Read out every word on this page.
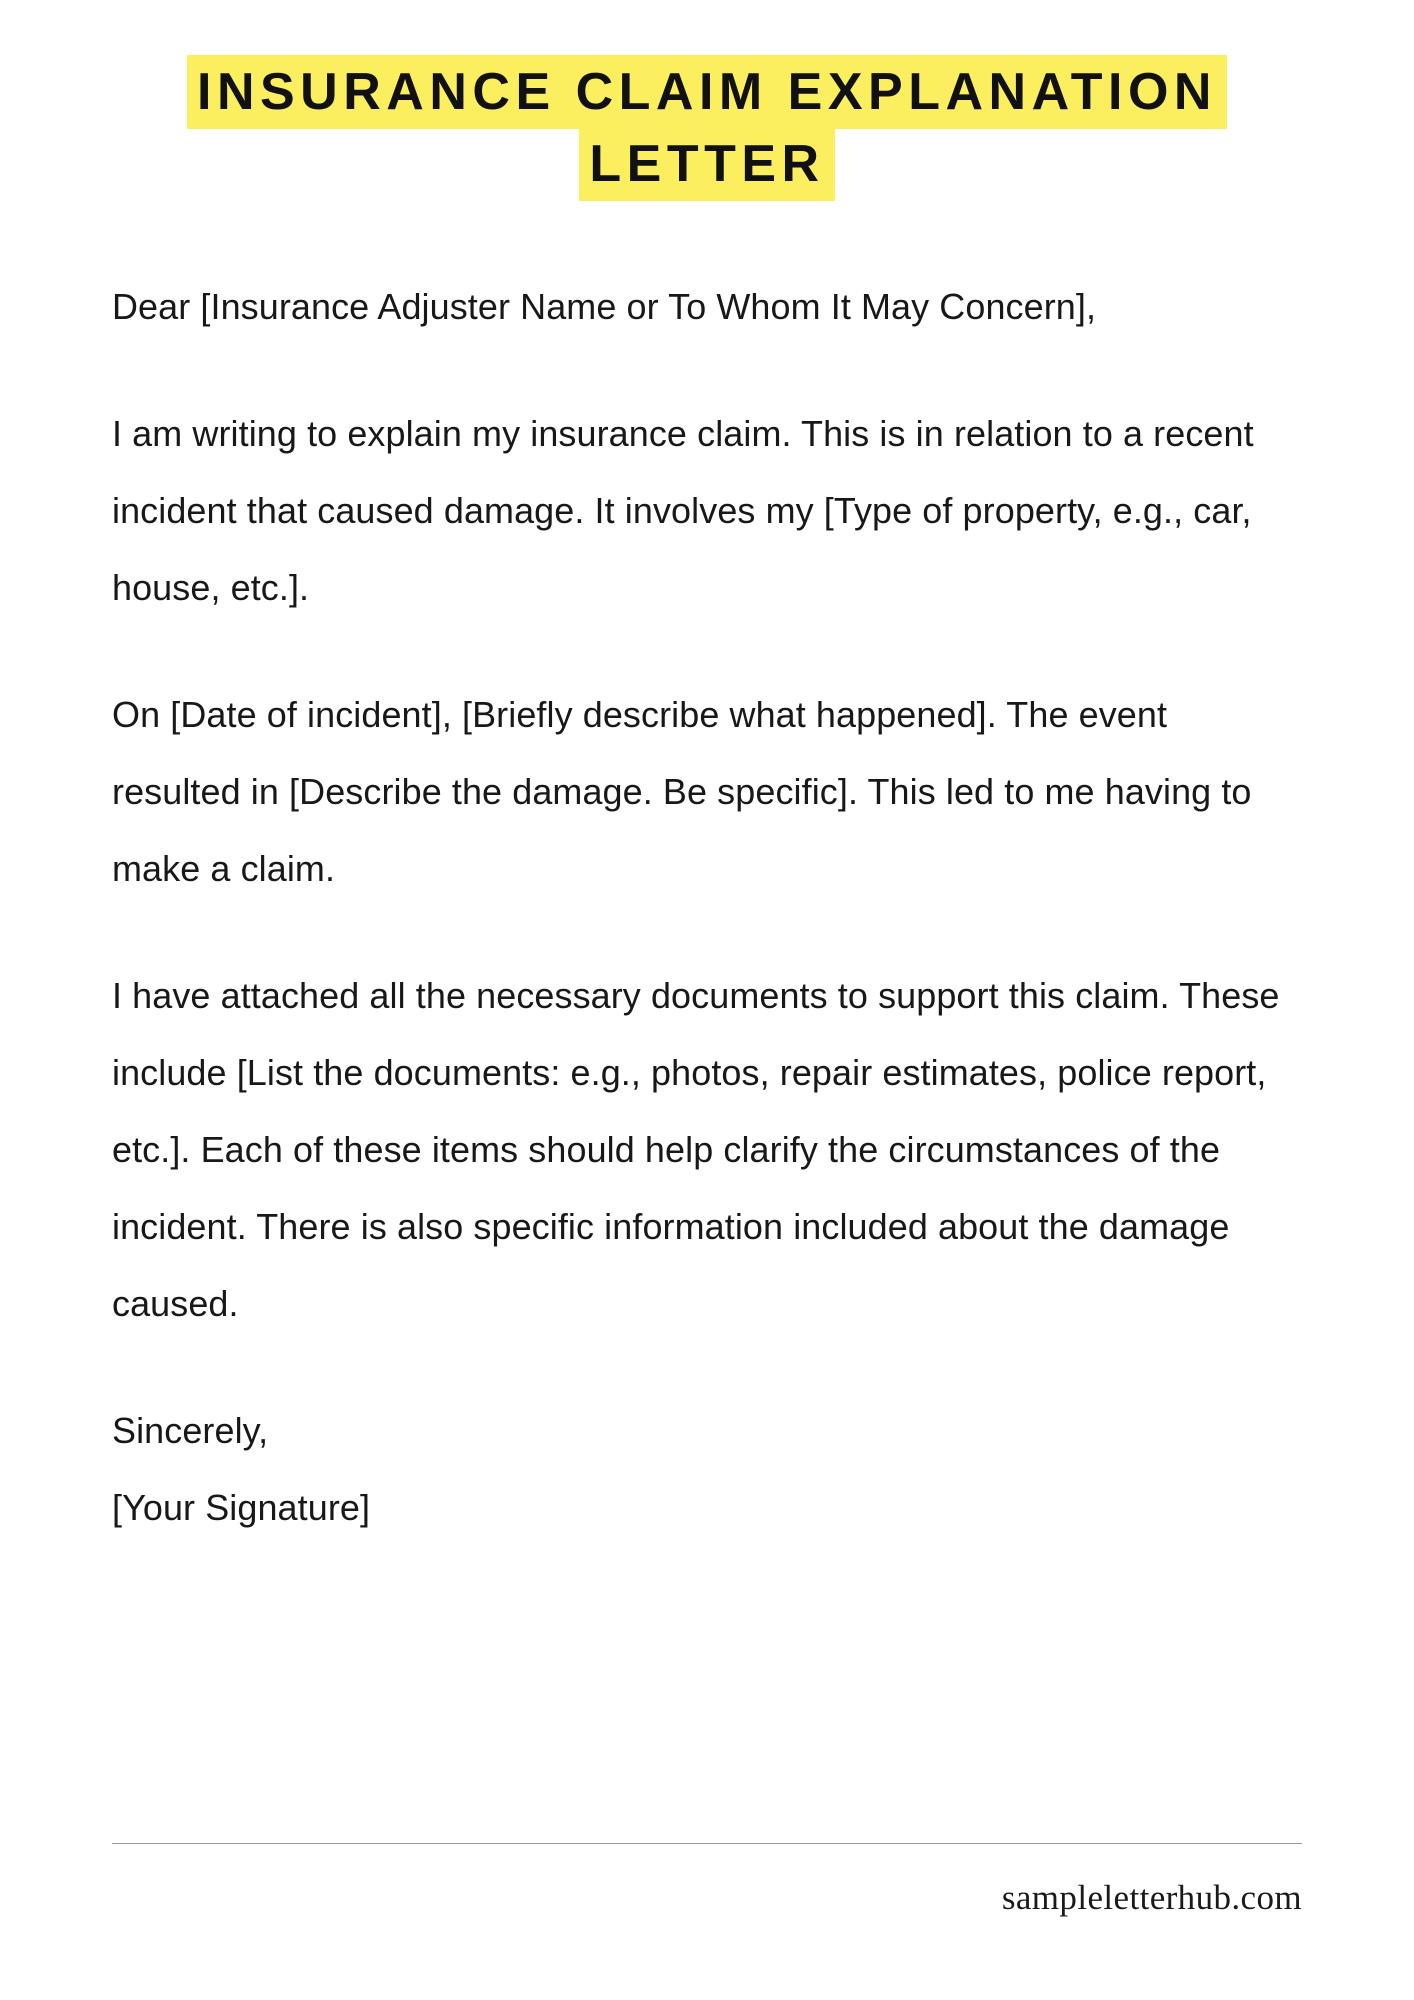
INSURANCE CLAIM EXPLANATION
LETTER

Dear [Insurance Adjuster Name or To Whom It May Concern],

I am writing to explain my insurance claim. This is in relation to a recent incident that caused damage. It involves my [Type of property, e.g., car, house, etc.].

On [Date of incident], [Briefly describe what happened]. The event resulted in [Describe the damage. Be specific]. This led to me having to make a claim.

I have attached all the necessary documents to support this claim. These include [List the documents: e.g., photos, repair estimates, police report, etc.]. Each of these items should help clarify the circumstances of the incident. There is also specific information included about the damage caused.

Sincerely,

[Your Signature]

sampleletterhub.com
